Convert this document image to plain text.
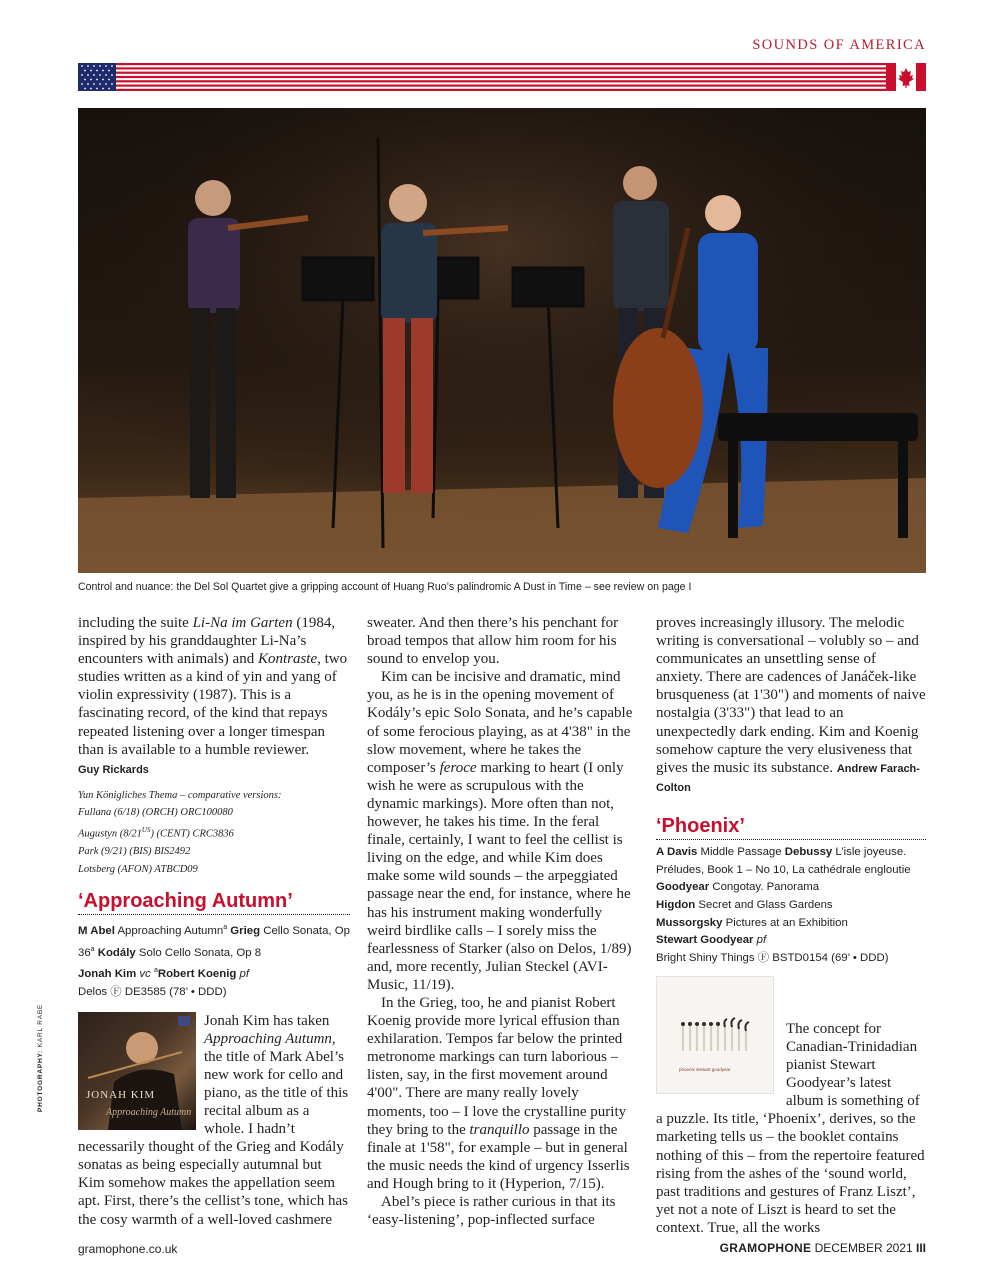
SOUNDS OF AMERICA
Control and nuance: the Del Sol Quartet give a gripping account of Huang Ruo’s palindromic A Dust in Time – see review on page I

including the suite Li-Na im Garten (1984, inspired by his granddaughter Li-Na’s encounters with animals) and Kontraste, two studies written as a kind of yin and yang of violin expressivity (1987). This is a fascinating record, of the kind that repays repeated listening over a longer timespan than is available to a humble reviewer.

Guy Rickards
Yun Königliches Thema – comparative versions:
Fullana (6/18) (ORCH) ORC100080
Augustyn $(8/21^{US})$ (CENT) CRC3836
Park (9/21) (BIS) BIS2492
Lotsberg (AFON) ATBCD09
‘Approaching Autumn’
M Abel Approaching Autumn$^a$ Grieg Cello Sonata, Op 36$^a$ Kodály Solo Cello Sonata, Op 8
Jonah Kim vc $^a$Robert Koenig pf
Delos Ⓕ DE3585 (78’ • DDD)
JONAH KIM
Approaching Autumn

Jonah Kim has taken Approaching Autumn, the title of Mark Abel’s new work for cello and piano, as the title of this recital album as a whole. I hadn’t necessarily thought of the Grieg and Kodály sonatas as being especially autumnal but Kim somehow makes the appellation seem apt. First, there’s the cellist’s tone, which has the cosy warmth of a well-loved cashmere

sweater. And then there’s his penchant for broad tempos that allow him room for his sound to envelop you.

Kim can be incisive and dramatic, mind you, as he is in the opening movement of Kodály’s epic Solo Sonata, and he’s capable of some ferocious playing, as at 4'38" in the slow movement, where he takes the composer’s feroce marking to heart (I only wish he were as scrupulous with the dynamic markings). More often than not, however, he takes his time. In the feral finale, certainly, I want to feel the cellist is living on the edge, and while Kim does make some wild sounds – the arpeggiated passage near the end, for instance, where he has his instrument making wonderfully weird birdlike calls – I sorely miss the fearlessness of Starker (also on Delos, 1/89) and, more recently, Julian Steckel (AVI-Music, 11/19).

In the Grieg, too, he and pianist Robert Koenig provide more lyrical effusion than exhilaration. Tempos far below the printed metronome markings can turn laborious – listen, say, in the first movement around 4'00". There are many really lovely moments, too – I love the crystalline purity they bring to the tranquillo passage in the finale at 1'58", for example – but in general the music needs the kind of urgency Isserlis and Hough bring to it (Hyperion, 7/15).

Abel’s piece is rather curious in that its ‘easy-listening’, pop-inflected surface

proves increasingly illusory. The melodic writing is conversational – volubly so – and communicates an unsettling sense of anxiety. There are cadences of Janáček-like brusqueness (at 1'30") and moments of naive nostalgia (3'33") that lead to an unexpectedly dark ending. Kim and Koenig somehow capture the very elusiveness that gives the music its substance. Andrew Farach-Colton

‘Phoenix’
A Davis Middle Passage Debussy L’isle joyeuse. Préludes, Book 1 – No 10, La cathédrale engloutie Goodyear Congotay. Panorama
Higdon Secret and Glass Gardens
Mussorgsky Pictures at an Exhibition
Stewart Goodyear pf
Bright Shiny Things Ⓕ BSTD0154 (69’ • DDD)
phoenix stewart goodyear

The concept for Canadian-Trinidadian pianist Stewart Goodyear’s latest album is something of a puzzle. Its title, ‘Phoenix’, derives, so the marketing tells us – the booklet contains nothing of this – from the repertoire featured rising from the ashes of the ‘sound world, past traditions and gestures of Franz Liszt’, yet not a note of Liszt is heard to set the context. True, all the works

PHOTOGRAPHY: KARL RABE
gramophone.co.uk	GRAMOPHONE DECEMBER 2021 III
